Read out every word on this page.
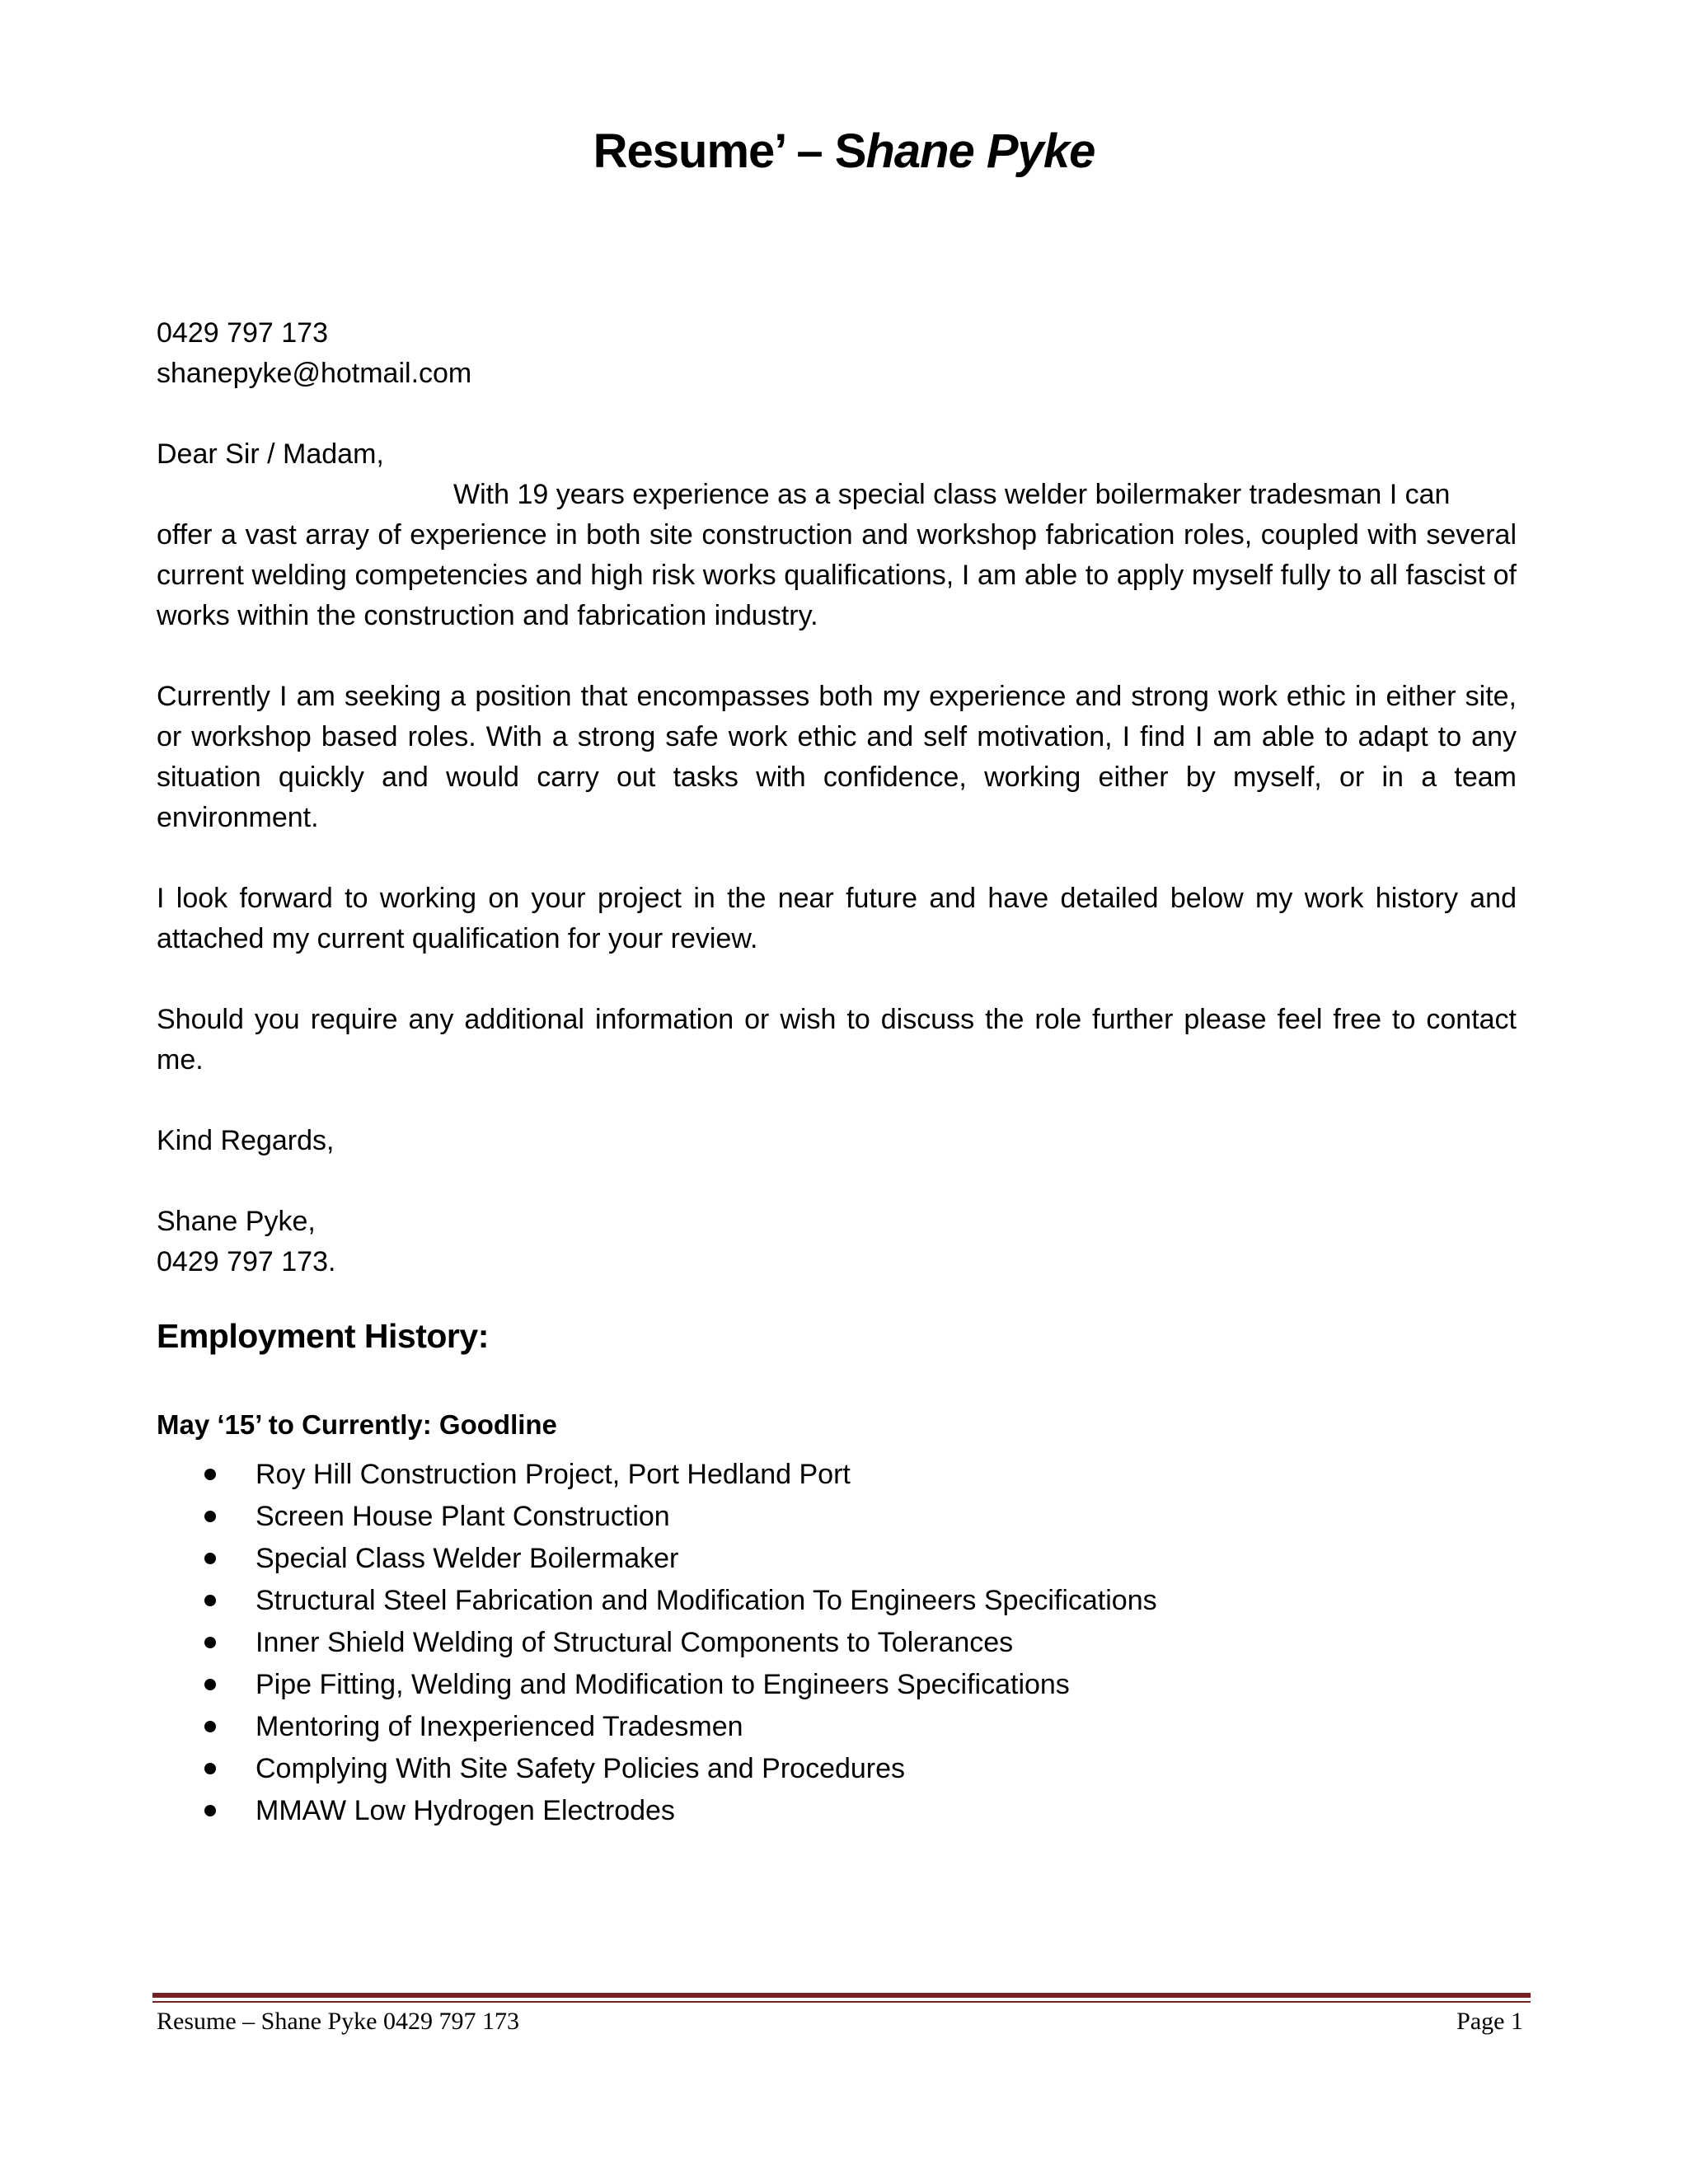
Resume’ – Shane Pyke

0429 797 173

shanepyke@hotmail.com

Dear Sir / Madam,

With 19 years experience as a special class welder boilermaker tradesman I can

offer a vast array of experience in both site construction and workshop fabrication roles, coupled with several current welding competencies and high risk works qualifications, I am able to apply myself fully to all fascist of works within the construction and fabrication industry.

Currently I am seeking a position that encompasses both my experience and strong work ethic in either site, or workshop based roles. With a strong safe work ethic and self motivation, I find I am able to adapt to any situation quickly and would carry out tasks with confidence, working either by myself, or in a team environment.

I look forward to working on your project in the near future and have detailed below my work history and attached my current qualification for your review.

Should you require any additional information or wish to discuss the role further please feel free to contact me.

Kind Regards,

Shane Pyke,

0429 797 173.

Employment History:
May ‘15’ to Currently: Goodline
Roy Hill Construction Project, Port Hedland Port
Screen House Plant Construction
Special Class Welder Boilermaker
Structural Steel Fabrication and Modification To Engineers Specifications
Inner Shield Welding of Structural Components to Tolerances
Pipe Fitting, Welding and Modification to Engineers Specifications
Mentoring of Inexperienced Tradesmen
Complying With Site Safety Policies and Procedures
MMAW Low Hydrogen Electrodes
Resume – Shane Pyke 0429 797 173	Page 1
